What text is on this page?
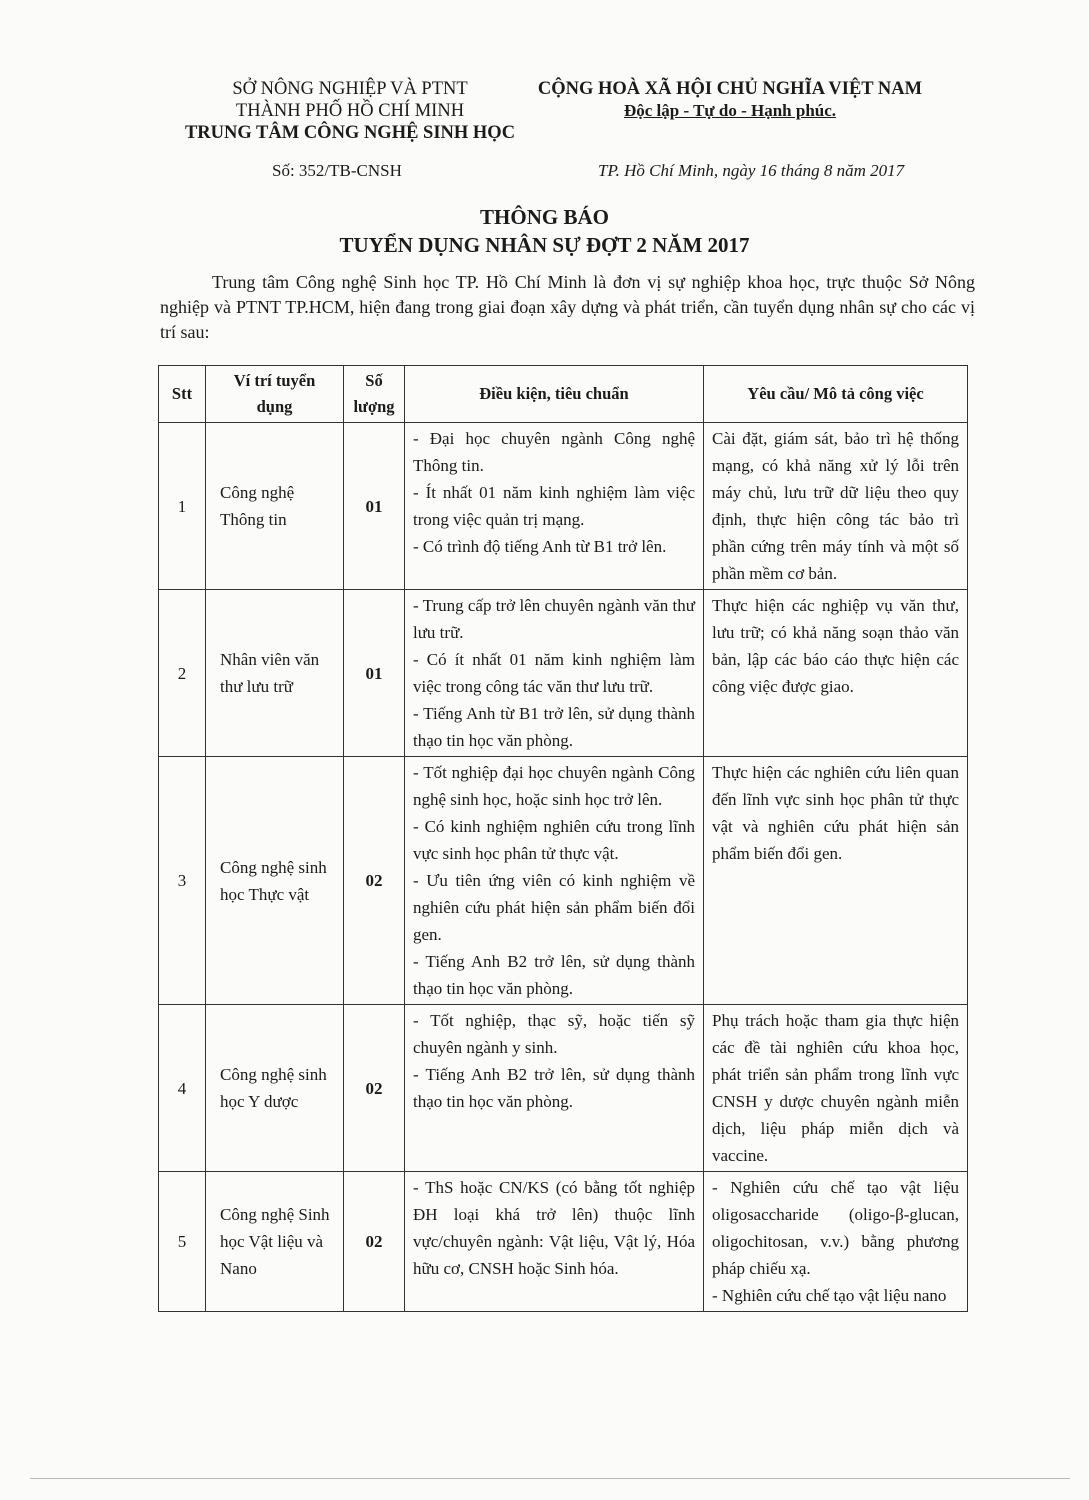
SỞ NÔNG NGHIỆP VÀ PTNT
THÀNH PHỐ HỒ CHÍ MINH
TRUNG TÂM CÔNG NGHỆ SINH HỌC
CỘNG HOÀ XÃ HỘI CHỦ NGHĨA VIỆT NAM
Độc lập - Tự do - Hạnh phúc.
Số: 352/TB-CNSH	TP. Hồ Chí Minh, ngày 16 tháng 8 năm 2017
THÔNG BÁO
TUYỂN DỤNG NHÂN SỰ ĐỢT 2 NĂM 2017
Trung tâm Công nghệ Sinh học TP. Hồ Chí Minh là đơn vị sự nghiệp khoa học, trực thuộc Sở Nông nghiệp và PTNT TP.HCM, hiện đang trong giai đoạn xây dựng và phát triển, cần tuyển dụng nhân sự cho các vị trí sau:
Stt	Ví trí tuyển dụng	Số lượng	Điều kiện, tiêu chuẩn	Yêu cầu/ Mô tả công việc
1	Công nghệ Thông tin	01	- Đại học chuyên ngành Công nghệ Thông tin.
- Ít nhất 01 năm kinh nghiệm làm việc trong việc quản trị mạng.
- Có trình độ tiếng Anh từ B1 trở lên.	Cài đặt, giám sát, bảo trì hệ thống mạng, có khả năng xử lý lỗi trên máy chủ, lưu trữ dữ liệu theo quy định, thực hiện công tác bảo trì phần cứng trên máy tính và một số phần mềm cơ bản.

2	Nhân viên văn thư lưu trữ	01	- Trung cấp trở lên chuyên ngành văn thư lưu trữ.
- Có ít nhất 01 năm kinh nghiệm làm việc trong công tác văn thư lưu trữ.
- Tiếng Anh từ B1 trở lên, sử dụng thành thạo tin học văn phòng.	Thực hiện các nghiệp vụ văn thư, lưu trữ; có khả năng soạn thảo văn bản, lập các báo cáo thực hiện các công việc được giao.

3	Công nghệ sinh học Thực vật	02	- Tốt nghiệp đại học chuyên ngành Công nghệ sinh học, hoặc sinh học trở lên.
- Có kinh nghiệm nghiên cứu trong lĩnh vực sinh học phân tử thực vật.
- Ưu tiên ứng viên có kinh nghiệm về nghiên cứu phát hiện sản phẩm biến đổi gen.
- Tiếng Anh B2 trở lên, sử dụng thành thạo tin học văn phòng.	Thực hiện các nghiên cứu liên quan đến lĩnh vực sinh học phân tử thực vật và nghiên cứu phát hiện sản phẩm biến đổi gen.

4	Công nghệ sinh học Y dược	02	- Tốt nghiệp, thạc sỹ, hoặc tiến sỹ chuyên ngành y sinh.
- Tiếng Anh B2 trở lên, sử dụng thành thạo tin học văn phòng.	Phụ trách hoặc tham gia thực hiện các đề tài nghiên cứu khoa học, phát triển sản phẩm trong lĩnh vực CNSH y dược chuyên ngành miễn dịch, liệu pháp miễn dịch và vaccine.

5	Công nghệ Sinh học Vật liệu và Nano	02	- ThS hoặc CN/KS (có bằng tốt nghiệp ĐH loại khá trở lên) thuộc lĩnh vực/chuyên ngành: Vật liệu, Vật lý, Hóa hữu cơ, CNSH hoặc Sinh hóa.	- Nghiên cứu chế tạo vật liệu oligosaccharide (oligo-β-glucan, oligochitosan, v.v.) bằng phương pháp chiếu xạ.
- Nghiên cứu chế tạo vật liệu nano
